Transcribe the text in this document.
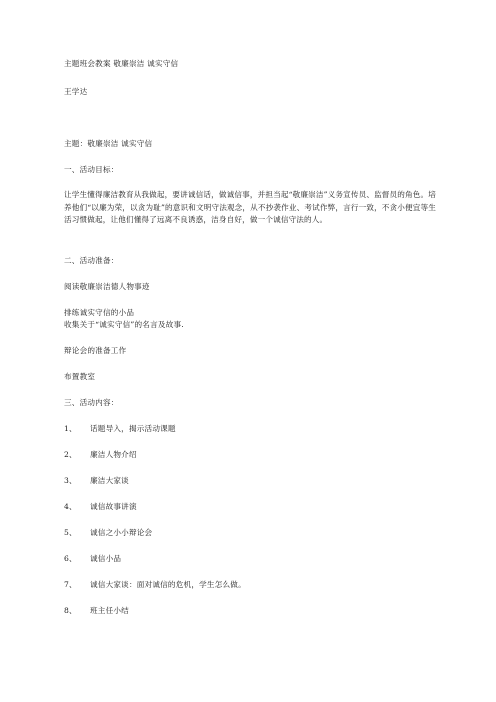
主题班会教案 敬廉崇洁 诚实守信
王学达
主题：敬廉崇洁 诚实守信
一、活动目标：
让学生懂得廉洁教育从我做起，要讲诚信话，做诚信事，并担当起“敬廉崇洁”义务宣传员、监督员的角色。培养他们“以廉为荣，以贪为耻”的意识和文明守法观念，从不抄袭作业、考试作弊，言行一致，不贪小便宜等生活习惯做起，让他们懂得了远离不良诱惑，洁身自好，做一个诚信守法的人。
二、活动准备：
阅读敬廉崇洁德人物事迹
排练诚实守信的小品
收集关于“诚实守信”的名言及故事.
辩论会的准备工作
布置教室
三、活动内容：
1、 话题导入，揭示活动课题
2、 廉洁人物介绍
3、 廉洁大家谈
4、 诚信故事讲演
5、 诚信之小小辩论会
6、 诚信小品
7、 诚信大家谈：面对诚信的危机，学生怎么做。
8、 班主任小结
